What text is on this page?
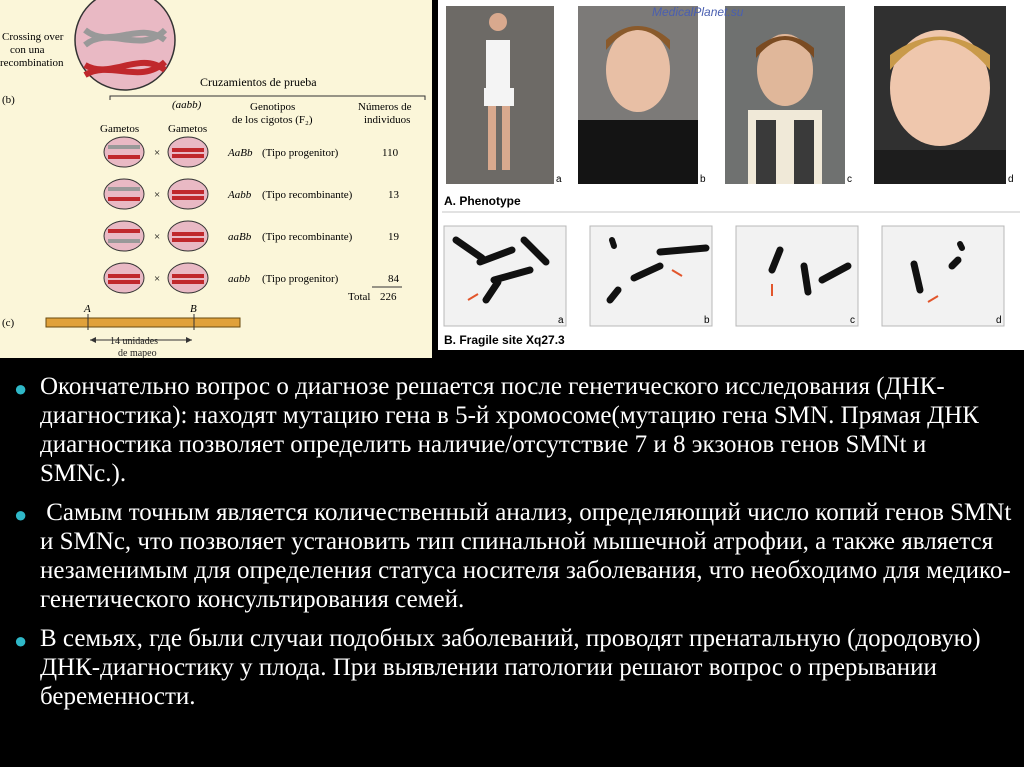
Crossing over
con una
recombination
(b)
Cruzamientos de prueba
(aabb)
Gametos	Gametos
Genotipos
de los cigotos (F₂)
Números de
individuos
×	AaBb (Tipo progenitor)	110
×	Aabb (Tipo recombinante)	13
×	aaBb (Tipo recombinante)	19
×	aabb (Tipo progenitor)	84
Total 226
(c)
A	B
14 unidades
de mapeo
a	b	c	d
MedicalPlanet.su
A. Phenotype
a	b	c	d
B. Fragile site Xq27.3
● Окончательно вопрос о диагнозе решается после генетического исследования (ДНК-диагностика): находят мутацию гена в 5-й хромосоме(мутацию гена SMN. Прямая ДНК диагностика позволяет определить наличие/отсутствие 7 и 8 экзонов генов SMNt и SMNc.).
● Самым точным является количественный анализ, определяющий число копий генов SMNt и SMNc, что позволяет установить тип спинальной мышечной атрофии, а также является незаменимым для определения статуса носителя заболевания, что необходимо для медико-генетического консультирования семей.
● В семьях, где были случаи подобных заболеваний, проводят пренатальную (дородовую) ДНК-диагностику у плода. При выявлении патологии решают вопрос о прерывании беременности.
